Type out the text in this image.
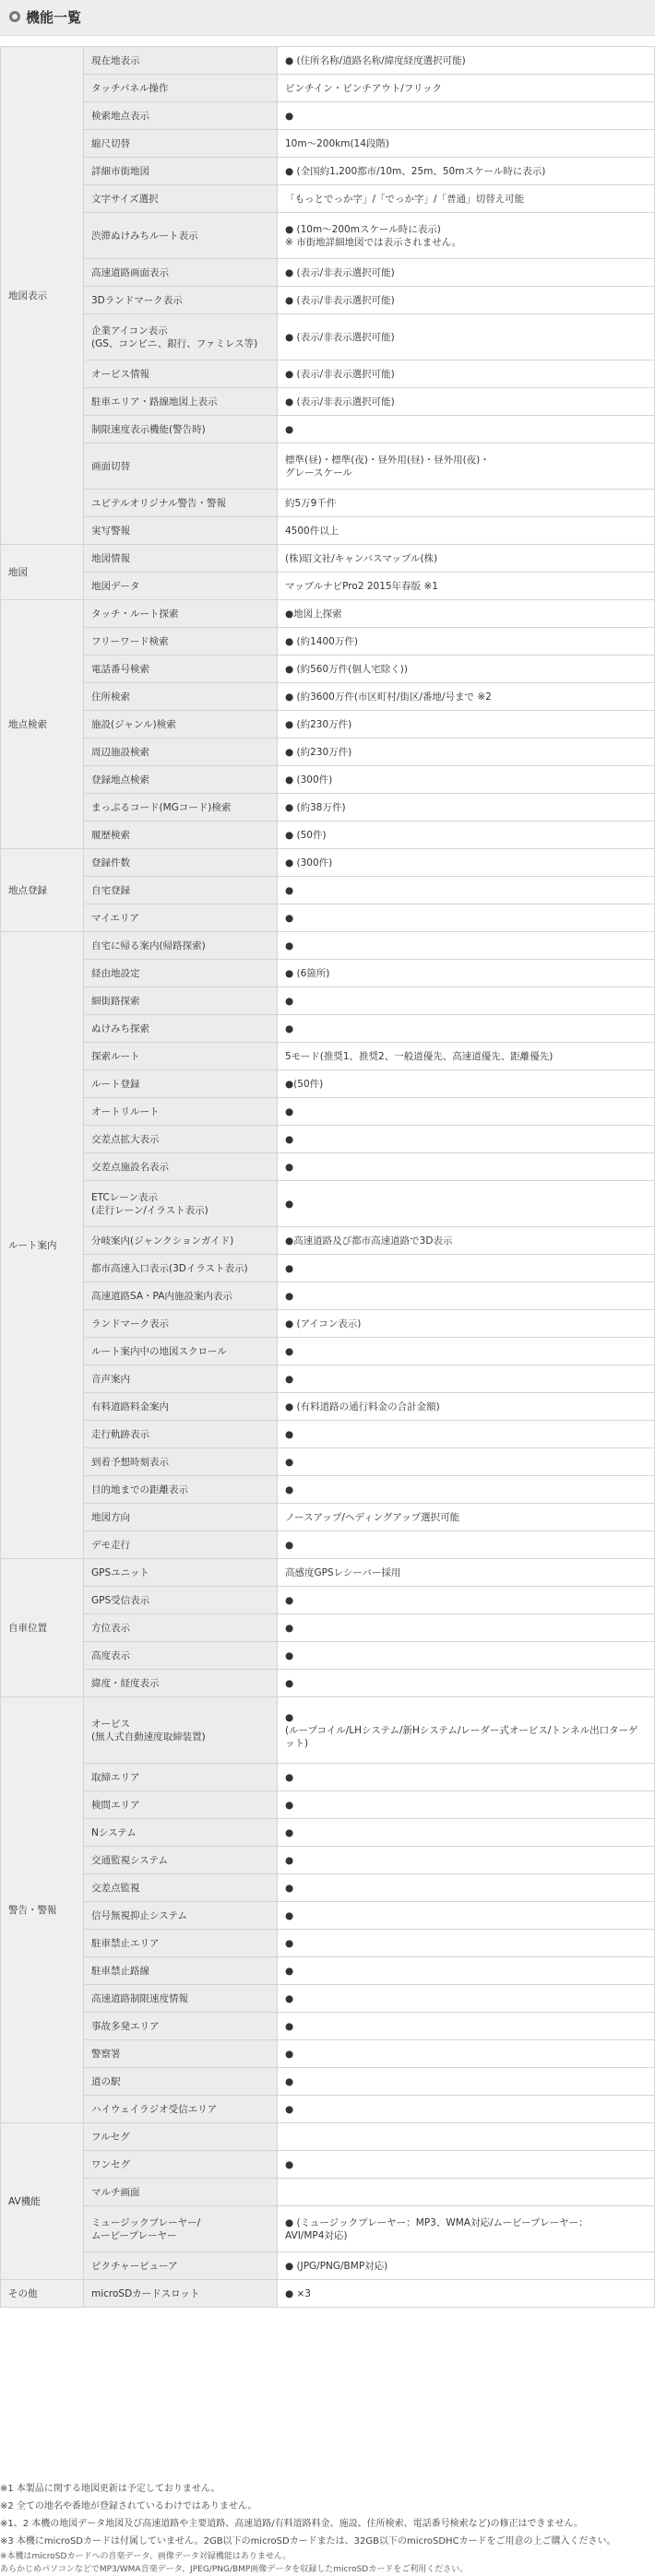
機能一覧
地図表示	現在地表示	● (住所名称/道路名称/緯度経度選択可能)
	タッチパネル操作	ピンチイン・ピンチアウト/フリック
	検索地点表示	●
	縮尺切替	10m〜200km(14段階)
	詳細市街地図	● (全国約1,200都市/10m、25m、50mスケール時に表示)
	文字サイズ選択	「もっとでっか字」/「でっか字」/「普通」切替え可能
	渋滞ぬけみちルート表示	● (10m〜200mスケール時に表示)
※ 市街地詳細地図では表示されません。
	高速道路画面表示	● (表示/非表示選択可能)
	3Dランドマーク表示	● (表示/非表示選択可能)
	企業アイコン表示
(GS、コンビニ、銀行、ファミレス等)	● (表示/非表示選択可能)
	オービス情報	● (表示/非表示選択可能)
	駐車エリア・路線地図上表示	● (表示/非表示選択可能)
	制限速度表示機能(警告時)	●
	画面切替	標準(昼)・標準(夜)・昼外用(昼)・昼外用(夜)・
グレースケール
	ユピテルオリジナル警告・警報	約5万9千件
	実写警報	4500件以上
地図	地図情報	(株)昭文社/キャンバスマップル(株)
	地図データ	マップルナビPro2 2015年春版 ※1
地点検索	タッチ・ルート探索	●地図上探索
	フリーワード検索	● (約1400万件)
	電話番号検索	● (約560万件(個人宅除く))
	住所検索	● (約3600万件(市区町村/街区/番地/号まで ※2
	施設(ジャンル)検索	● (約230万件)
	周辺施設検索	● (約230万件)
	登録地点検索	● (300件)
	まっぷるコード(MGコード)検索	● (約38万件)
	履歴検索	● (50件)
地点登録	登録件数	● (300件)
	自宅登録	●
	マイエリア	●
ルート案内	自宅に帰る案内(帰路探索)	●
	経由地設定	● (6箇所)
	細街路探索	●
	ぬけみち探索	●
	探索ルート	5モード(推奨1、推奨2、一般道優先、高速道優先、距離優先)
	ルート登録	●(50件)
	オートリルート	●
	交差点拡大表示	●
	交差点施設名表示	●
	ETCレーン表示
(走行レーン/イラスト表示)	●
	分岐案内(ジャンクションガイド)	●高速道路及び都市高速道路で3D表示
	都市高速入口表示(3Dイラスト表示)	●
	高速道路SA・PA内施設案内表示	●
	ランドマーク表示	● (アイコン表示)
	ルート案内中の地図スクロール	●
	音声案内	●
	有料道路料金案内	● (有料道路の通行料金の合計金額)
	走行軌跡表示	●
	到着予想時刻表示	●
	目的地までの距離表示	●
	地図方向	ノースアップ/ヘディングアップ選択可能
	デモ走行	●
自車位置	GPSユニット	高感度GPSレシーバー採用
	GPS受信表示	●
	方位表示	●
	高度表示	●
	緯度・経度表示	●
警告・警報	オービス
(無人式自動速度取締装置)	●
(ループコイル/LHシステム/新Hシステム/レーダー式オービス/トンネル出口ターゲット)
	取締エリア	●
	検問エリア	●
	Nシステム	●
	交通監視システム	●
	交差点監視	●
	信号無視抑止システム	●
	駐車禁止エリア	●
	駐車禁止路線	●
	高速道路制限速度情報	●
	事故多発エリア	●
	警察署	●
	道の駅	●
	ハイウェイラジオ受信エリア	●
AV機能	フルセグ	
	ワンセグ	●
	マルチ画面	
	ミュージックプレーヤー/
ムービープレーヤー	● (ミュージックプレーヤー：MP3、WMA対応/ムービープレーヤー：
AVI/MP4対応)
	ピクチャービューア	● (JPG/PNG/BMP対応)
その他	microSDカードスロット	● ×3
※1 本製品に関する地図更新は予定しておりません。
※2 全ての地名や番地が登録されているわけではありません。
※1、2 本機の地図データ地図及び高速道路や主要道路、高速道路/有料道路料金、施設、住所検索、電話番号検索など)の修正はできません。
※3 本機にmicroSDカードは付属していません。2GB以下のmicroSDカードまたは、32GB以下のmicroSDHCカードをご用意の上ご購入ください。
※本機はmicroSDカードへの音楽データ、画像データ対録機能はありません。
あらかじめパソコンなどでMP3/WMA音楽データ、JPEG/PNG/BMP画像データを収録したmicroSDカードをご利用ください。
